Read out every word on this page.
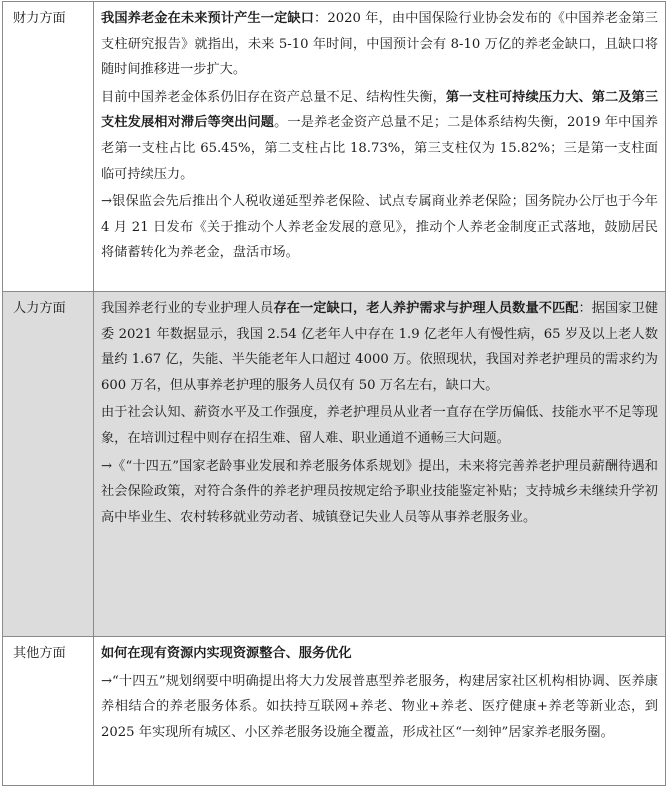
财力方面	我国养老金在未来预计产生一定缺口：2020 年，由中国保险行业协会发布的《中国养老金第三支柱研究报告》就指出，未来 5-10 年时间，中国预计会有 8-10 万亿的养老金缺口，且缺口将随时间推移进一步扩大。

目前中国养老金体系仍旧存在资产总量不足、结构性失衡，第一支柱可持续压力大、第二及第三支柱发展相对滞后等突出问题。一是养老金资产总量不足；二是体系结构失衡，2019 年中国养老第一支柱占比 65.45%，第二支柱占比 18.73%，第三支柱仅为 15.82%；三是第一支柱面临可持续压力。

→银保监会先后推出个人税收递延型养老保险、试点专属商业养老保险；国务院办公厅也于今年 4 月 21 日发布《关于推动个人养老金发展的意见》，推动个人养老金制度正式落地，鼓励居民将储蓄转化为养老金，盘活市场。

人力方面	我国养老行业的专业护理人员存在一定缺口，老人养护需求与护理人员数量不匹配：据国家卫健委 2021 年数据显示，我国 2.54 亿老年人中存在 1.9 亿老年人有慢性病，65 岁及以上老人数量约 1.67 亿，失能、半失能老年人口超过 4000 万。依照现状，我国对养老护理员的需求约为 600 万名，但从事养老护理的服务人员仅有 50 万名左右，缺口大。

由于社会认知、薪资水平及工作强度，养老护理员从业者一直存在学历偏低、技能水平不足等现象，在培训过程中则存在招生难、留人难、职业通道不通畅三大问题。

→《“十四五”国家老龄事业发展和养老服务体系规划》提出，未来将完善养老护理员薪酬待遇和社会保险政策，对符合条件的养老护理员按规定给予职业技能鉴定补贴；支持城乡未继续升学初高中毕业生、农村转移就业劳动者、城镇登记失业人员等从事养老服务业。

其他方面	如何在现有资源内实现资源整合、服务优化

→“十四五”规划纲要中明确提出将大力发展普惠型养老服务，构建居家社区机构相协调、医养康养相结合的养老服务体系。如扶持互联网+养老、物业+养老、医疗健康+养老等新业态，到 2025 年实现所有城区、小区养老服务设施全覆盖，形成社区“一刻钟”居家养老服务圈。
